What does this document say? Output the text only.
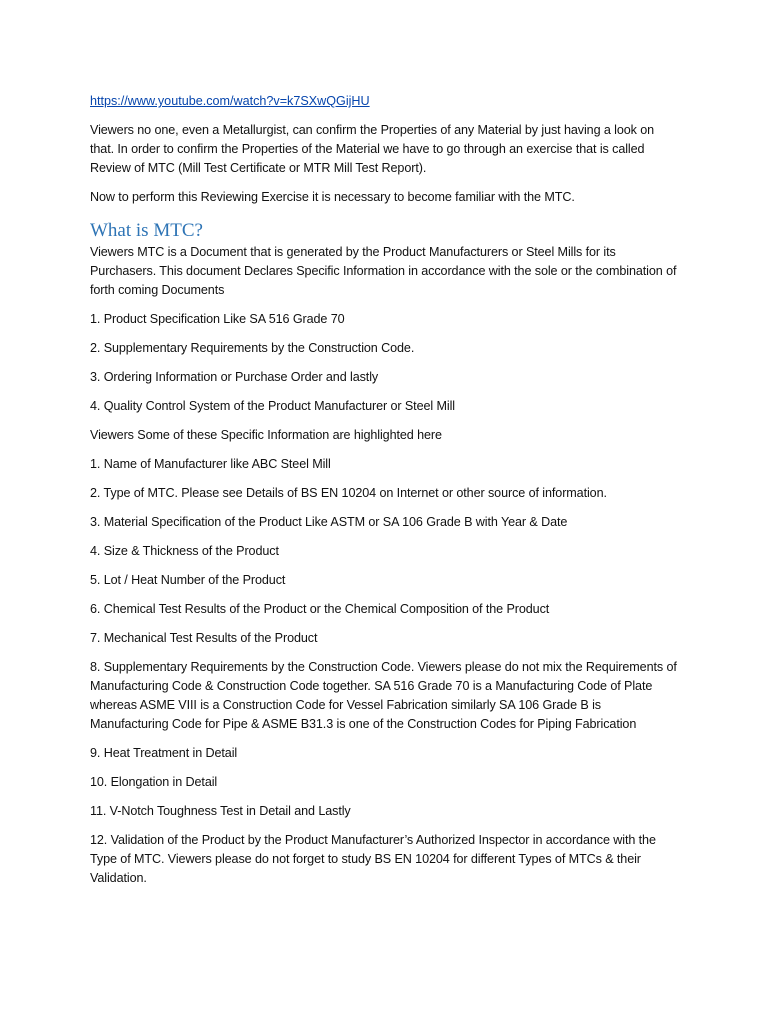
https://www.youtube.com/watch?v=k7SXwQGijHU

Viewers no one, even a Metallurgist, can confirm the Properties of any Material by just having a look on that. In order to confirm the Properties of the Material we have to go through an exercise that is called Review of MTC (Mill Test Certificate or MTR Mill Test Report).

Now to perform this Reviewing Exercise it is necessary to become familiar with the MTC.

What is MTC?

Viewers MTC is a Document that is generated by the Product Manufacturers or Steel Mills for its Purchasers. This document Declares Specific Information in accordance with the sole or the combination of forth coming Documents

1. Product Specification Like SA 516 Grade 70

2. Supplementary Requirements by the Construction Code.

3. Ordering Information or Purchase Order and lastly

4. Quality Control System of the Product Manufacturer or Steel Mill

Viewers Some of these Specific Information are highlighted here

1. Name of Manufacturer like ABC Steel Mill

2. Type of MTC. Please see Details of BS EN 10204 on Internet or other source of information.

3. Material Specification of the Product Like ASTM or SA 106 Grade B with Year & Date

4. Size & Thickness of the Product

5. Lot / Heat Number of the Product

6. Chemical Test Results of the Product or the Chemical Composition of the Product

7. Mechanical Test Results of the Product

8. Supplementary Requirements by the Construction Code. Viewers please do not mix the Requirements of Manufacturing Code & Construction Code together. SA 516 Grade 70 is a Manufacturing Code of Plate whereas ASME VIII is a Construction Code for Vessel Fabrication similarly SA 106 Grade B is Manufacturing Code for Pipe & ASME B31.3 is one of the Construction Codes for Piping Fabrication

9. Heat Treatment in Detail

10. Elongation in Detail

11. V-Notch Toughness Test in Detail and Lastly

12. Validation of the Product by the Product Manufacturer’s Authorized Inspector in accordance with the Type of MTC. Viewers please do not forget to study BS EN 10204 for different Types of MTCs & their Validation.
